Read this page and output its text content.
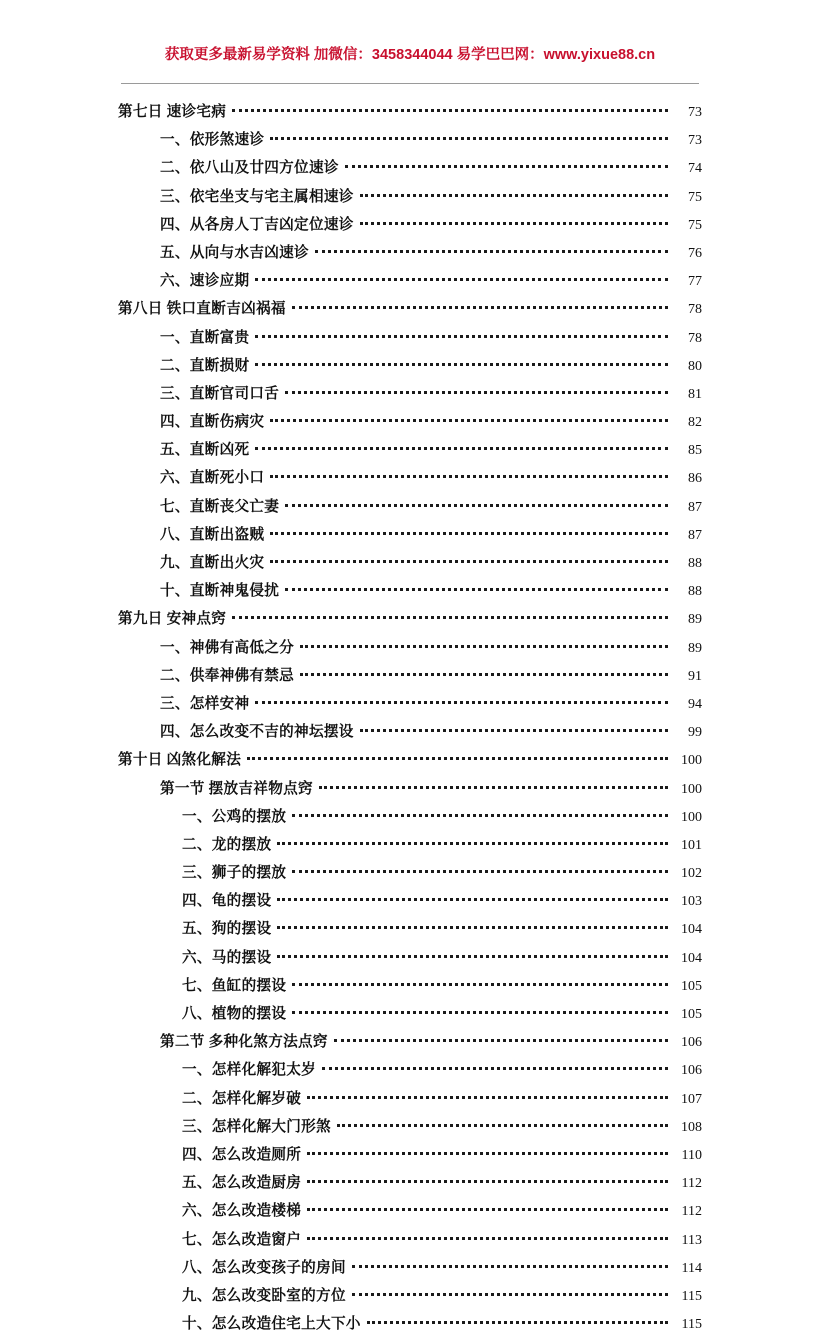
获取更多最新易学资料 加微信：3458344044 易学巴巴网：www.yixue88.cn
第七日 速诊宅病	73
一、依形煞速诊	73
二、依八山及廿四方位速诊	74
三、依宅坐支与宅主属相速诊	75
四、从各房人丁吉凶定位速诊	75
五、从向与水吉凶速诊	76
六、速诊应期	77
第八日 铁口直断吉凶祸福	78
一、直断富贵	78
二、直断损财	80
三、直断官司口舌	81
四、直断伤病灾	82
五、直断凶死	85
六、直断死小口	86
七、直断丧父亡妻	87
八、直断出盗贼	87
九、直断出火灾	88
十、直断神鬼侵扰	88
第九日 安神点窍	89
一、神佛有高低之分	89
二、供奉神佛有禁忌	91
三、怎样安神	94
四、怎么改变不吉的神坛摆设	99
第十日 凶煞化解法	100
第一节 摆放吉祥物点窍	100
一、公鸡的摆放	100
二、龙的摆放	101
三、狮子的摆放	102
四、龟的摆设	103
五、狗的摆设	104
六、马的摆设	104
七、鱼缸的摆设	105
八、植物的摆设	105
第二节 多种化煞方法点窍	106
一、怎样化解犯太岁	106
二、怎样化解岁破	107
三、怎样化解大门形煞	108
四、怎么改造厕所	110
五、怎么改造厨房	112
六、怎么改造楼梯	112
七、怎么改造窗户	113
八、怎么改变孩子的房间	114
九、怎么改变卧室的方位	115
十、怎么改造住宅上大下小	115
